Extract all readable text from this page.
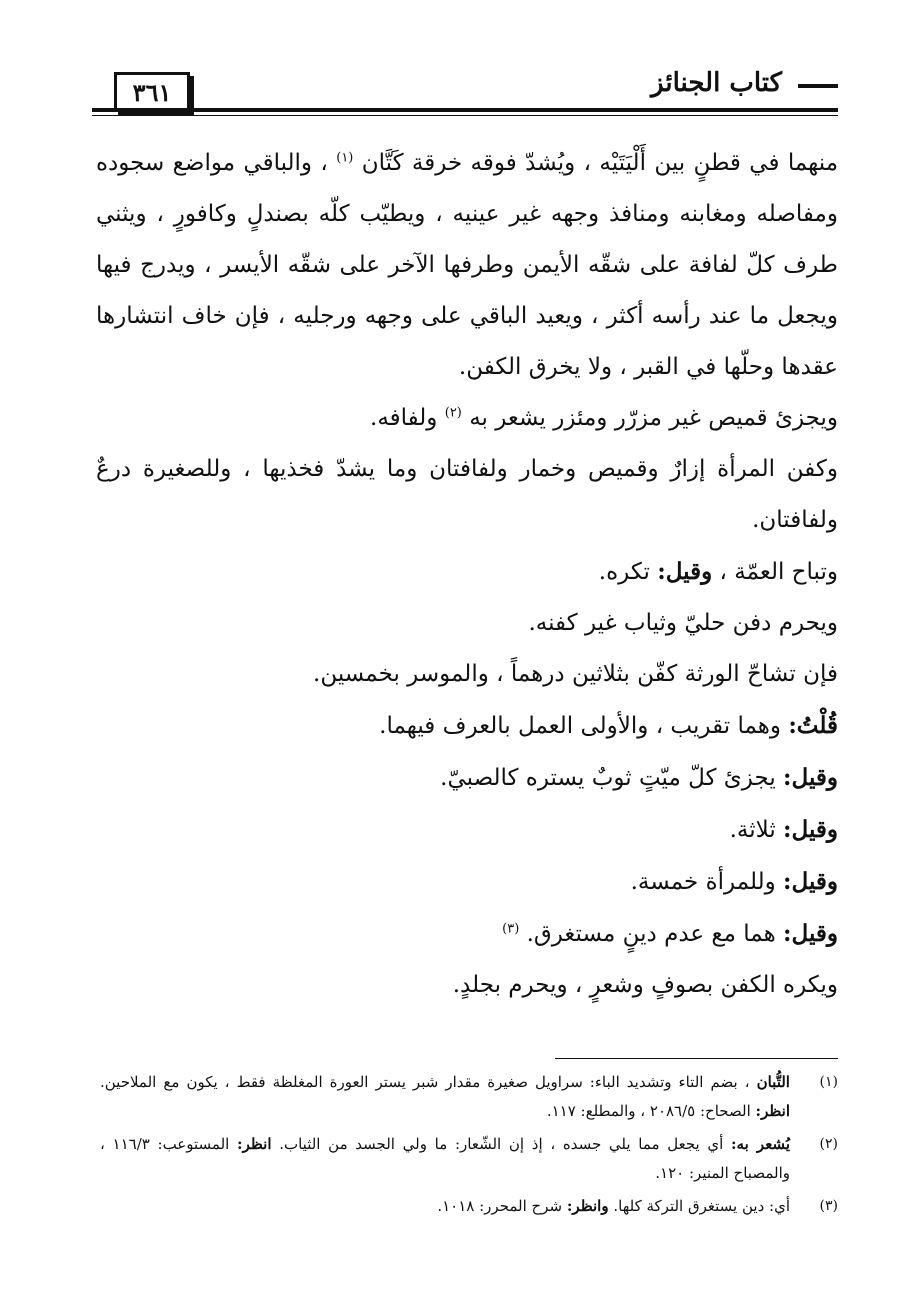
٣٦١	كتاب الجنائز

منهما في قطنٍ بين أَلْيَتَيْه ، ويُشدّ فوقه خرقة كَتَّان $^{(١)}$ ، والباقي مواضع سجوده ومفاصله ومغابنه ومنافذ وجهه غير عينيه ، ويطيّب كلّه بصندلٍ وكافورٍ ، ويثني طرف كلّ لفافة على شقّه الأيمن وطرفها الآخر على شقّه الأيسر ، ويدرج فيها ويجعل ما عند رأسه أكثر ، ويعيد الباقي على وجهه ورجليه ، فإن خاف انتشارها عقدها وحلّها في القبر ، ولا يخرق الكفن.

ويجزئ قميص غير مزرّر ومئزر يشعر به $^{(٢)}$ ولفافه.

وكفن المرأة إزارٌ وقميص وخمار ولفافتان وما يشدّ فخذيها ، وللصغيرة درعٌ ولفافتان.

وتباح العمّة ، وقيل: تكره.

ويحرم دفن حليّ وثياب غير كفنه.

فإن تشاحّ الورثة كفّن بثلاثين درهماً ، والموسر بخمسين.

قُلْتُ: وهما تقريب ، والأولى العمل بالعرف فيهما.

وقيل: يجزئ كلّ ميّتٍ ثوبٌ يستره كالصبيّ.

وقيل: ثلاثة.

وقيل: وللمرأة خمسة.

وقيل: هما مع عدم دينٍ مستغرق. $^{(٣)}$

ويكره الكفن بصوفٍ وشعرٍ ، ويحرم بجلدٍ.

(١)
التُّبان ، بضم التاء وتشديد الباء: سراويل صغيرة مقدار شبر يستر العورة المغلظة فقط ، يكون مع الملاحين. انظر: الصحاح: ٢٠٨٦/٥ ، والمطلع: ١١٧.
(٢)
يُشعر به: أي يجعل مما يلي جسده ، إذ إن الشّعار: ما ولي الجسد من الثياب. انظر: المستوعب: ١١٦/٣ ، والمصباح المنير: ١٢٠.
(٣)
أي: دين يستغرق التركة كلها. وانظر: شرح المحرر: ١٠١٨.
